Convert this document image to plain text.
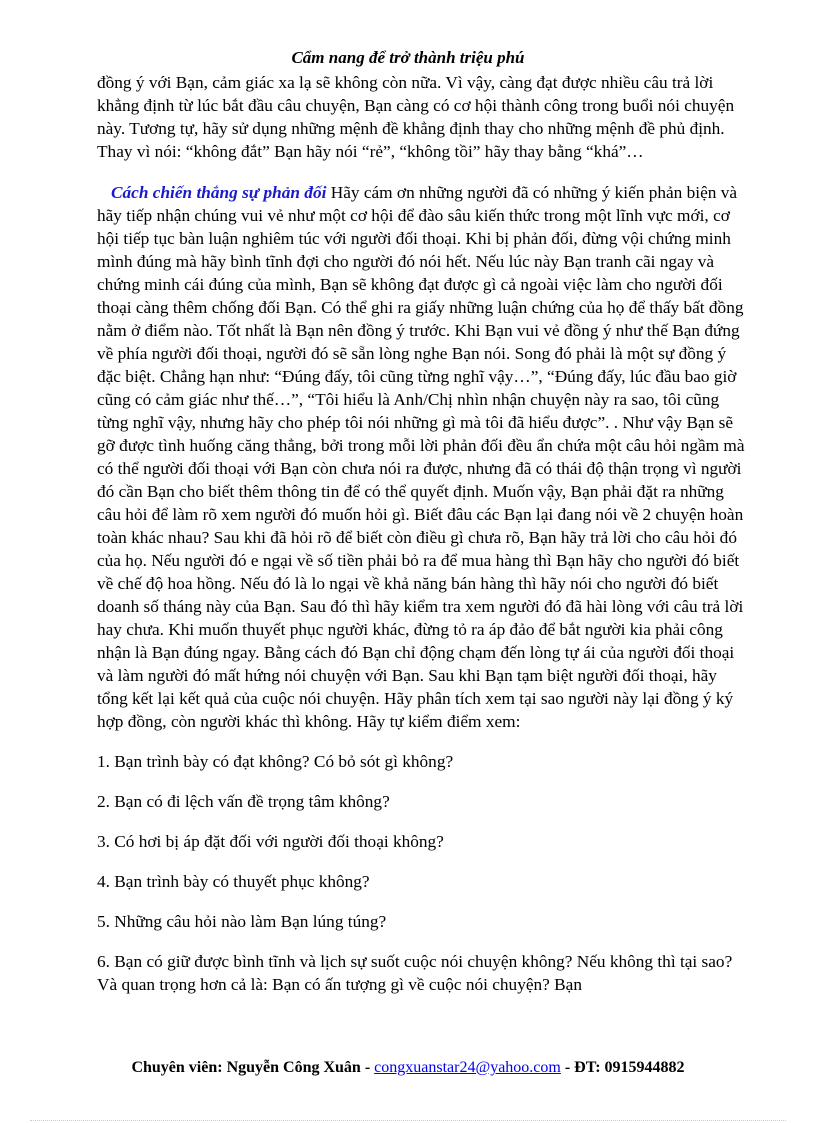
Cẩm nang để trở thành triệu phú

đồng ý với Bạn, cảm giác xa lạ sẽ không còn nữa. Vì vậy, càng đạt được nhiều câu trả lời khẳng định từ lúc bắt đầu câu chuyện, Bạn càng có cơ hội thành công trong buổi nói chuyện này. Tương tự, hãy sử dụng những mệnh đề khẳng định thay cho những mệnh đề phủ định. Thay vì nói: “không đắt” Bạn hãy nói “rẻ”, “không tồi” hãy thay bằng “khá”…

Cách chiến thắng sự phản đối Hãy cám ơn những người đã có những ý kiến phản biện và hãy tiếp nhận chúng vui vẻ như một cơ hội để đào sâu kiến thức trong một lĩnh vực mới, cơ hội tiếp tục bàn luận nghiêm túc với người đối thoại. Khi bị phản đối, đừng vội chứng minh mình đúng mà hãy bình tĩnh đợi cho người đó nói hết. Nếu lúc này Bạn tranh cãi ngay và chứng minh cái đúng của mình, Bạn sẽ không đạt được gì cả ngoài việc làm cho người đối thoại càng thêm chống đối Bạn. Có thể ghi ra giấy những luận chứng của họ để thấy bất đồng nằm ở điểm nào. Tốt nhất là Bạn nên đồng ý trước. Khi Bạn vui vẻ đồng ý như thế Bạn đứng về phía người đối thoại, người đó sẽ sẵn lòng nghe Bạn nói. Song đó phải là một sự đồng ý đặc biệt. Chẳng hạn như: “Đúng đấy, tôi cũng từng nghĩ vậy…”, “Đúng đấy, lúc đầu bao giờ cũng có cảm giác như thế…”, “Tôi hiểu là Anh/Chị nhìn nhận chuyện này ra sao, tôi cũng từng nghĩ vậy, nhưng hãy cho phép tôi nói những gì mà tôi đã hiểu được”. . Như vậy Bạn sẽ gỡ được tình huống căng thẳng, bởi trong mỗi lời phản đối đều ẩn chứa một câu hỏi ngầm mà có thể người đối thoại với Bạn còn chưa nói ra được, nhưng đã có thái độ thận trọng vì người đó cần Bạn cho biết thêm thông tin để có thể quyết định. Muốn vậy, Bạn phải đặt ra những câu hỏi để làm rõ xem người đó muốn hỏi gì. Biết đâu các Bạn lại đang nói về 2 chuyện hoàn toàn khác nhau? Sau khi đã hỏi rõ để biết còn điều gì chưa rõ, Bạn hãy trả lời cho câu hỏi đó của họ. Nếu người đó e ngại về số tiền phải bỏ ra để mua hàng thì Bạn hãy cho người đó biết về chế độ hoa hồng. Nếu đó là lo ngại về khả năng bán hàng thì hãy nói cho người đó biết doanh số tháng này của Bạn. Sau đó thì hãy kiểm tra xem người đó đã hài lòng với câu trả lời hay chưa. Khi muốn thuyết phục người khác, đừng tỏ ra áp đảo để bắt người kia phải công nhận là Bạn đúng ngay. Bằng cách đó Bạn chỉ động chạm đến lòng tự ái của người đối thoại và làm người đó mất hứng nói chuyện với Bạn. Sau khi Bạn tạm biệt người đối thoại, hãy tổng kết lại kết quả của cuộc nói chuyện. Hãy phân tích xem tại sao người này lại đồng ý ký hợp đồng, còn người khác thì không. Hãy tự kiểm điểm xem:

1. Bạn trình bày có đạt không? Có bỏ sót gì không?

2. Bạn có đi lệch vấn đề trọng tâm không?

3. Có hơi bị áp đặt đối với người đối thoại không?

4. Bạn trình bày có thuyết phục không?

5. Những câu hỏi nào làm Bạn lúng túng?

6. Bạn có giữ được bình tĩnh và lịch sự suốt cuộc nói chuyện không? Nếu không thì tại sao? Và quan trọng hơn cả là: Bạn có ấn tượng gì về cuộc nói chuyện? Bạn

Chuyên viên: Nguyễn Công Xuân - congxuanstar24@yahoo.com - ĐT: 0915944882
